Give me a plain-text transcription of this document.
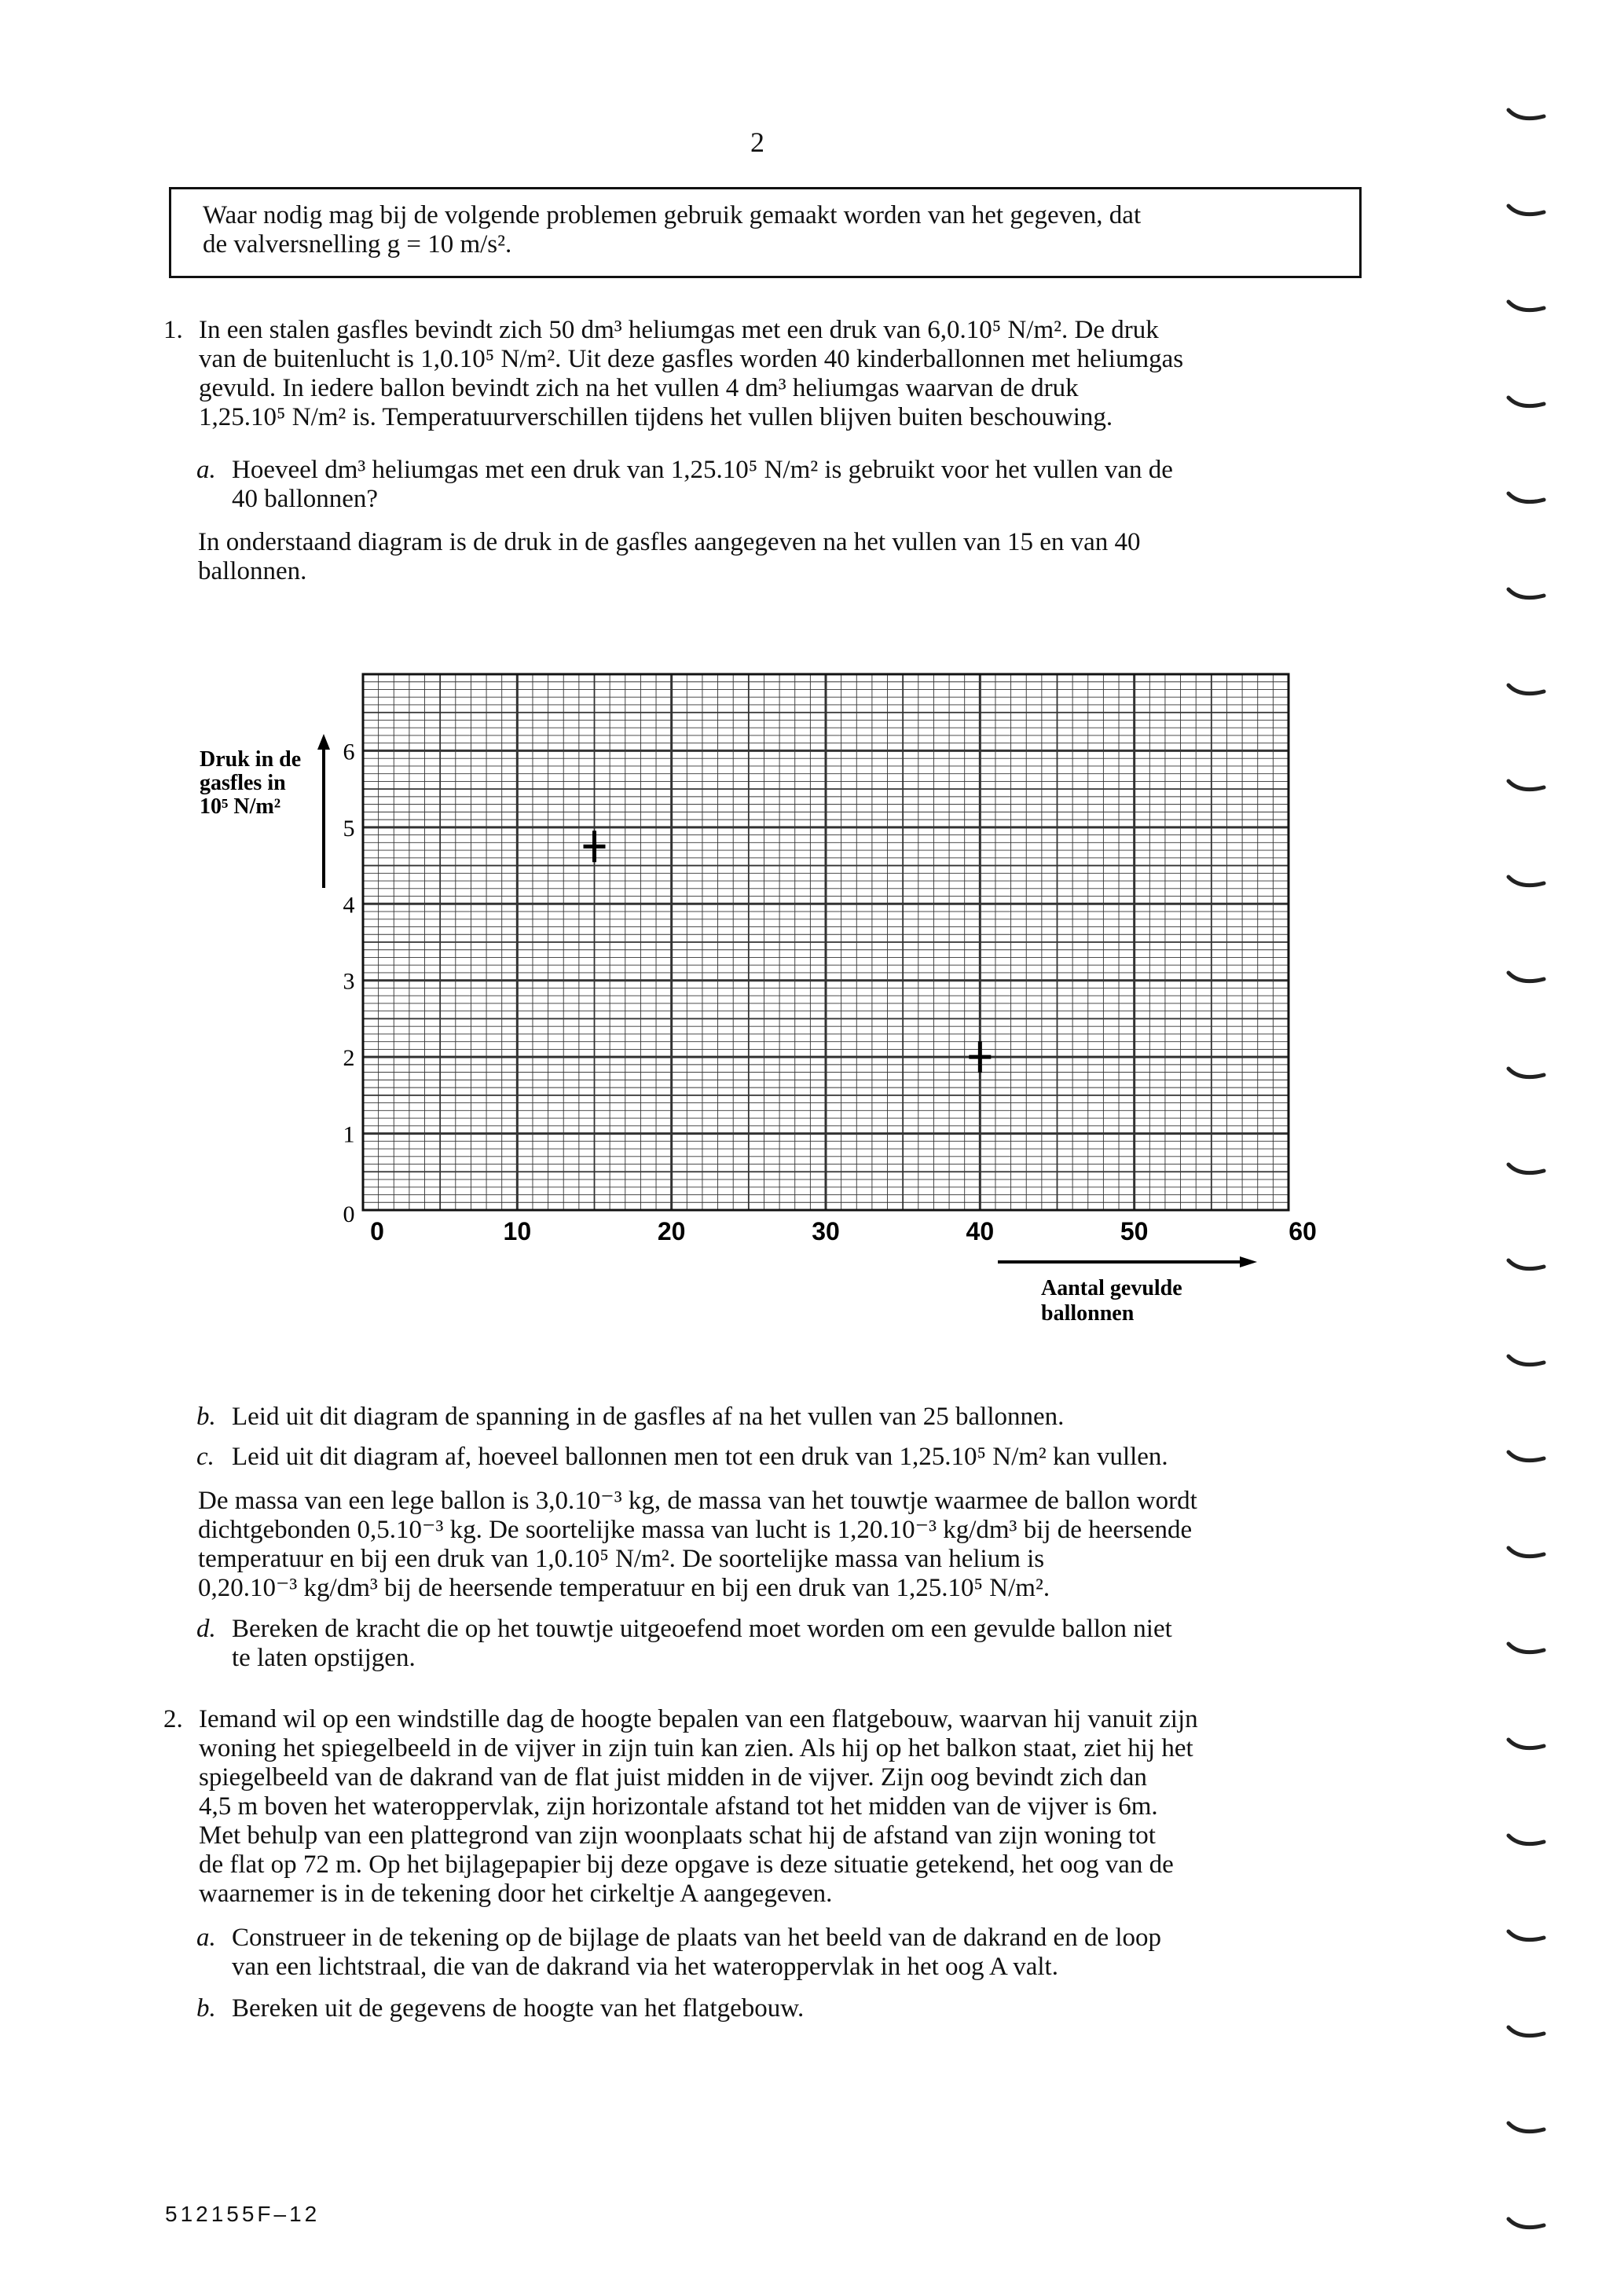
2
Waar nodig mag bij de volgende problemen gebruik gemaakt worden van het gegeven, dat
de valversnelling g = 10 m/s².
1. In een stalen gasfles bevindt zich 50 dm³ heliumgas met een druk van 6,0.10⁵ N/m². De druk
van de buitenlucht is 1,0.10⁵ N/m². Uit deze gasfles worden 40 kinderballonnen met heliumgas
gevuld. In iedere ballon bevindt zich na het vullen 4 dm³ heliumgas waarvan de druk
1,25.10⁵ N/m² is. Temperatuurverschillen tijdens het vullen blijven buiten beschouwing.
a. Hoeveel dm³ heliumgas met een druk van 1,25.10⁵ N/m² is gebruikt voor het vullen van de
40 ballonnen?
In onderstaand diagram is de druk in de gasfles aangegeven na het vullen van 15 en van 40
ballonnen.
0	10	20	30	40	50	60
0
1
2
3
4
5
6
Druk in de
gasfles in
10⁵ N/m²
Aantal gevulde
ballonnen
b. Leid uit dit diagram de spanning in de gasfles af na het vullen van 25 ballonnen.
c. Leid uit dit diagram af, hoeveel ballonnen men tot een druk van 1,25.10⁵ N/m² kan vullen.
De massa van een lege ballon is 3,0.10⁻³ kg, de massa van het touwtje waarmee de ballon wordt
dichtgebonden 0,5.10⁻³ kg. De soortelijke massa van lucht is 1,20.10⁻³ kg/dm³ bij de heersende
temperatuur en bij een druk van 1,0.10⁵ N/m². De soortelijke massa van helium is
0,20.10⁻³ kg/dm³ bij de heersende temperatuur en bij een druk van 1,25.10⁵ N/m².
d. Bereken de kracht die op het touwtje uitgeoefend moet worden om een gevulde ballon niet
te laten opstijgen.
2. Iemand wil op een windstille dag de hoogte bepalen van een flatgebouw, waarvan hij vanuit zijn
woning het spiegelbeeld in de vijver in zijn tuin kan zien. Als hij op het balkon staat, ziet hij het
spiegelbeeld van de dakrand van de flat juist midden in de vijver. Zijn oog bevindt zich dan
4,5 m boven het wateroppervlak, zijn horizontale afstand tot het midden van de vijver is 6m.
Met behulp van een plattegrond van zijn woonplaats schat hij de afstand van zijn woning tot
de flat op 72 m. Op het bijlagepapier bij deze opgave is deze situatie getekend, het oog van de
waarnemer is in de tekening door het cirkeltje A aangegeven.
a. Construeer in de tekening op de bijlage de plaats van het beeld van de dakrand en de loop
van een lichtstraal, die van de dakrand via het wateroppervlak in het oog A valt.
b. Bereken uit de gegevens de hoogte van het flatgebouw.
512155F–12
